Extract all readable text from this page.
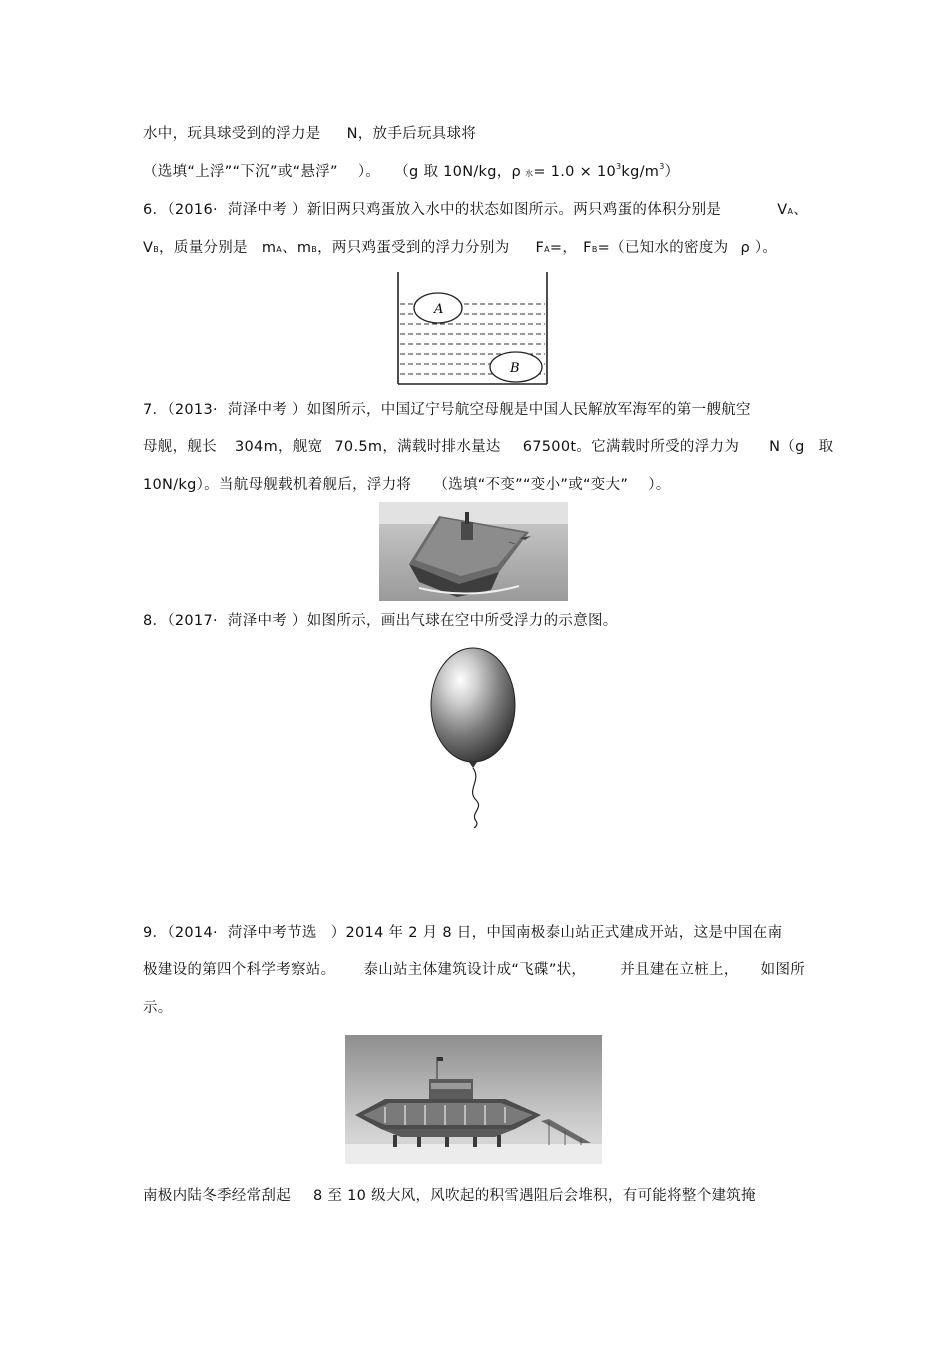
水中，玩具球受到的浮力是 N，放手后玩具球将
（选填“上浮”“下沉”或“悬浮” ）。 （g 取 10N/kg，ρ 水= 1.0 × 103kg/m3）
6．（2016· 菏泽中考 ）新旧两只鸡蛋放入水中的状态如图所示。两只鸡蛋的体积分别是	VA、
VB，质量分别是 mA、mB，两只鸡蛋受到的浮力分别为 FA=， FB=（已知水的密度为 ρ ）。
A
B
7．（2013· 菏泽中考 ）如图所示，中国辽宁号航空母舰是中国人民解放军海军的第一艘航空
母舰，舰长 304m，舰宽 70.5m，满载时排水量达 67500t。它满载时所受的浮力为 N（g 取
10N/kg）。当航母舰载机着舰后，浮力将 （选填“不变”“变小”或“变大” ）。
8．（2017· 菏泽中考 ）如图所示，画出气球在空中所受浮力的示意图。
9．（2014· 菏泽中考节选 ）2014 年 2 月 8 日，中国南极泰山站正式建成开站，这是中国在南
极建设的第四个科学考察站。 泰山站主体建筑设计成“飞碟”状， 并且建在立桩上， 如图所
示。
南极内陆冬季经常刮起 8 至 10 级大风，风吹起的积雪遇阻后会堆积，有可能将整个建筑掩
